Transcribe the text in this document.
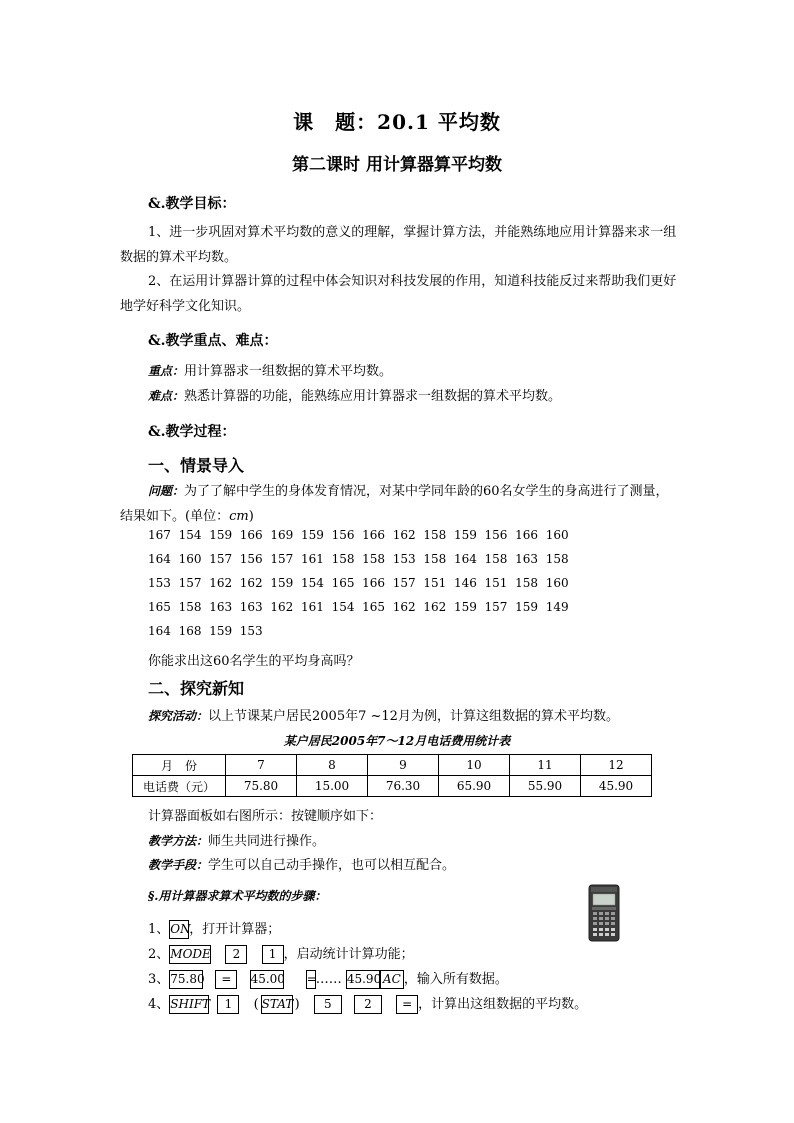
课　题：20.1 平均数
第二课时 用计算器算平均数
&.教学目标：
1、进一步巩固对算术平均数的意义的理解，掌握计算方法，并能熟练地应用计算器来求一组数据的算术平均数。
2、在运用计算器计算的过程中体会知识对科技发展的作用，知道科技能反过来帮助我们更好地学好科学文化知识。
&.教学重点、难点：
重点：用计算器求一组数据的算术平均数。
难点：熟悉计算器的功能，能熟练应用计算器求一组数据的算术平均数。
&.教学过程：
一、情景导入
问题：为了了解中学生的身体发育情况，对某中学同年龄的60名女学生的身高进行了测量，结果如下。(单位：cm)
167 154 159 166 169 159 156 166 162 158 159 156 166 160
164 160 157 156 157 161 158 158 153 158 164 158 163 158
153 157 162 162 159 154 165 166 157 151 146 151 158 160
165 158 163 163 162 161 154 165 162 162 159 157 159 149
164 168 159 153
你能求出这60名学生的平均身高吗？
二、探究新知
探究活动：以上节课某户居民2005年7 ~12月为例，计算这组数据的算术平均数。
某户居民2005年7～12月电话费用统计表
月　份	7	8	9	10	11	12
电话费（元）	75.80	15.00	76.30	65.90	55.90	45.90
计算器面板如右图所示：按键顺序如下：
教学方法：师生共同进行操作。
教学手段：学生可以自己动手操作，也可以相互配合。
§.用计算器求算术平均数的步骤：
1、ON，打开计算器；
2、MODE 2 1 ，启动统计计算功能；
3、75.80 = 45.00 =…… 45.90 AC ，输入所有数据。
4、SHIFT 1 ( STAT) 5	2	= ，计算出这组数据的平均数。
